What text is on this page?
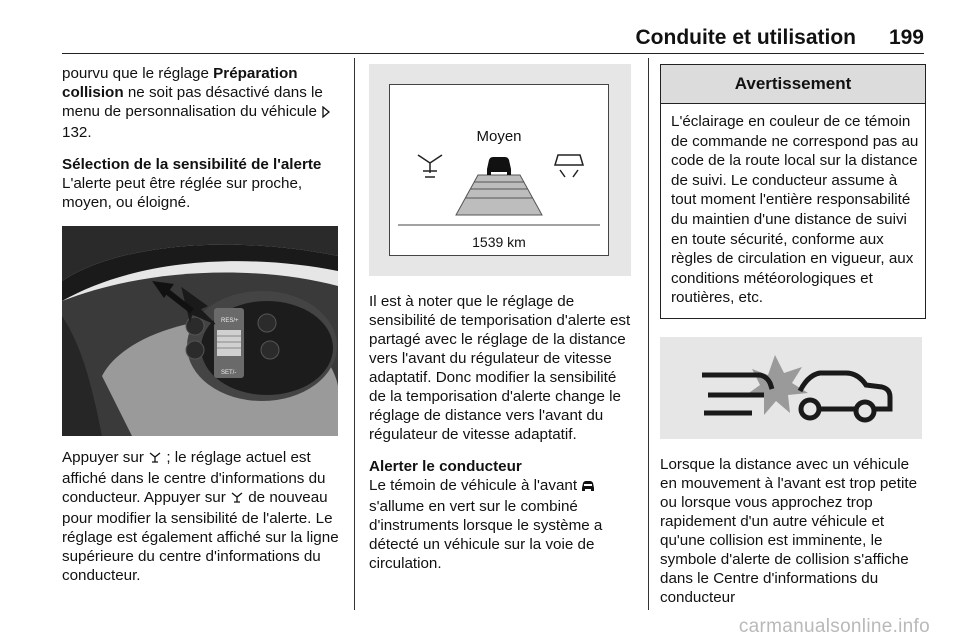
Conduite et utilisation 199

pourvu que le réglage Préparation collision ne soit pas désactivé dans le menu de personnalisation du véhicule  132.

Sélection de la sensibilité de l'alerte

L'alerte peut être réglée sur proche, moyen, ou éloigné.

RES/+
SET/-

Appuyer sur  ; le réglage actuel est affiché dans le centre d'informations du conducteur. Appuyer sur  de nouveau pour modifier la sensibilité de l'alerte. Le réglage est également affiché sur la ligne supérieure du centre d'informations du conducteur.

Moyen
1539 km

Il est à noter que le réglage de sensibilité de temporisation d'alerte est partagé avec le réglage de la distance vers l'avant du régulateur de vitesse adaptatif. Donc modifier la sensibilité de la temporisation d'alerte change le réglage de distance vers l'avant du régulateur de vitesse adaptatif.

Alerter le conducteur

Le témoin de véhicule à l'avant  s'allume en vert sur le combiné d'instruments lorsque le système a détecté un véhicule sur la voie de circulation.

Avertissement
L'éclairage en couleur de ce témoin de commande ne correspond pas au code de la route local sur la distance de suivi. Le conducteur assume à tout moment l'entière responsabilité du maintien d'une distance de suivi en toute sécurité, conforme aux règles de circulation en vigueur, aux conditions météorologiques et routières, etc.

Lorsque la distance avec un véhicule en mouvement à l'avant est trop petite ou lorsque vous approchez trop rapidement d'un autre véhicule et qu'une collision est imminente, le symbole d'alerte de collision s'affiche dans le Centre d'informations du conducteur

carmanualsonline.info
